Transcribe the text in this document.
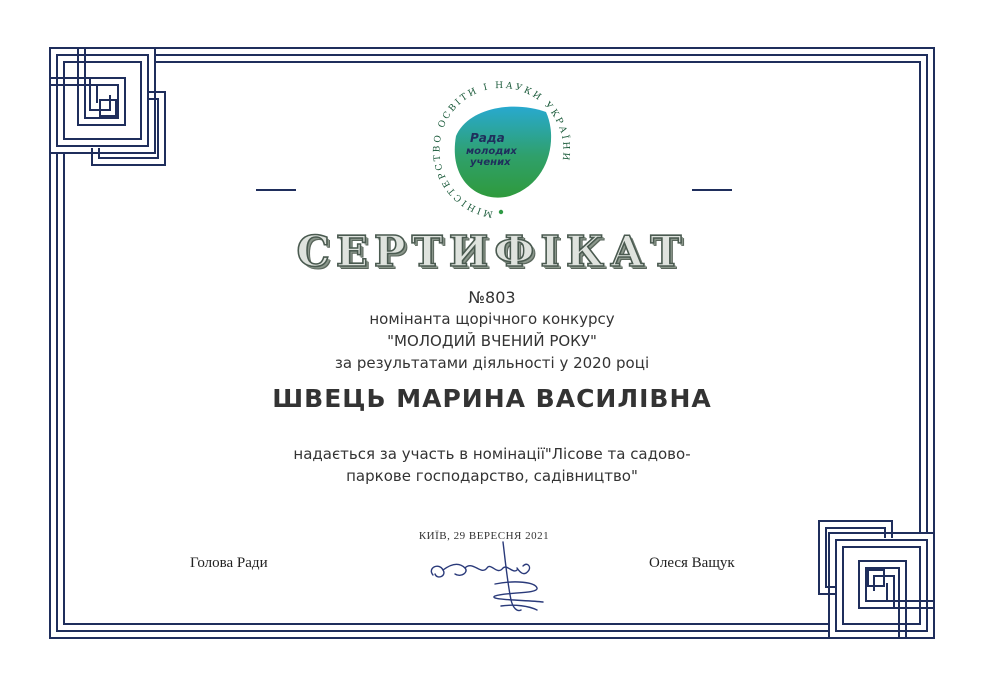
МІНІСТЕРСТВО ОСВІТИ І НАУКИ УКРАЇНИ
Рада
молодих
учених
СЕРТИФІКАТ
№803
номінанта щорічного конкурсу
"МОЛОДИЙ ВЧЕНИЙ РОКУ"
за результатами діяльності у 2020 році
ШВЕЦЬ МАРИНА ВАСИЛІВНА
надається за участь в номінації"Лісове та садово-
паркове господарство, садівництво"
КИЇВ, 29 ВЕРЕСНЯ 2021
Голова Ради	Олеся Ващук
